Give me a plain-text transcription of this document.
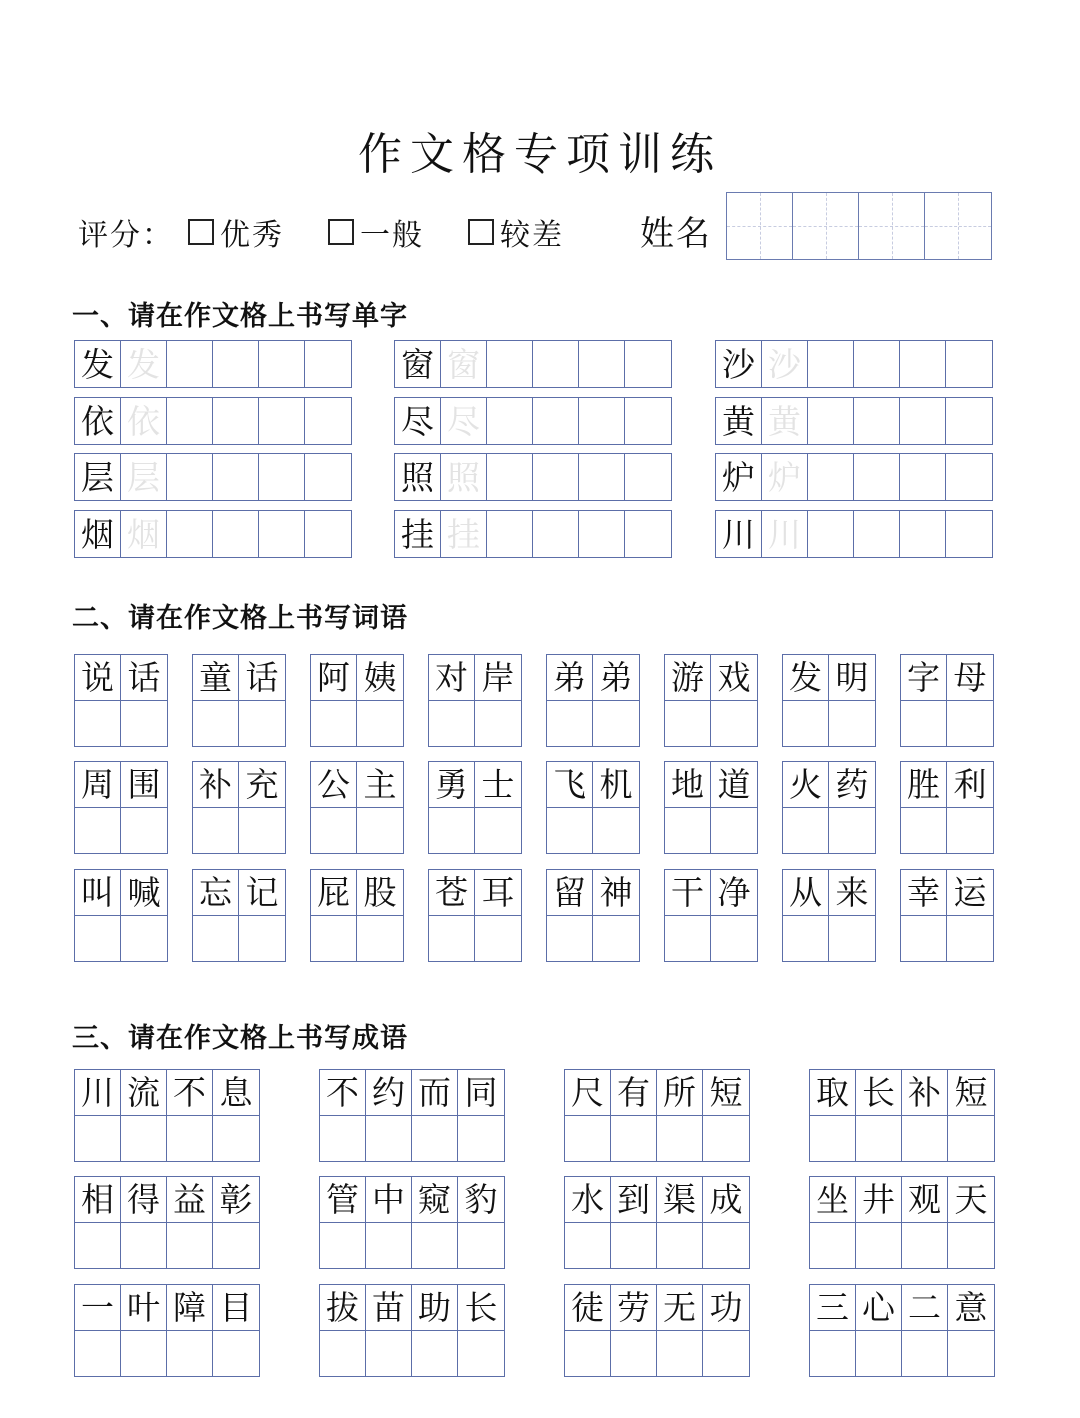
作文格专项训练
评分： 优秀	一般	较差 姓名
一、请在作文格上书写单字
二、请在作文格上书写词语
三、请在作文格上书写成语
发 发
依 依
层 层
烟 烟
窗 窗
尽 尽
照 照
挂 挂
沙 沙
黄 黄
炉 炉
川 川
说 话 童 话 阿 姨 对 岸 弟 弟 游 戏 发 明 字 母
周 围 补 充 公 主 勇 士 飞 机 地 道 火 药 胜 利
叫 喊 忘 记 屁 股 苍 耳 留 神 干 净 从 来 幸 运
川 流 不 息 不 约 而 同 尺 有 所 短 取 长 补 短
相 得 益 彰 管 中 窥 豹 水 到 渠 成 坐 井 观 天
一 叶 障 目 拔 苗 助 长 徒 劳 无 功 三 心 二 意
